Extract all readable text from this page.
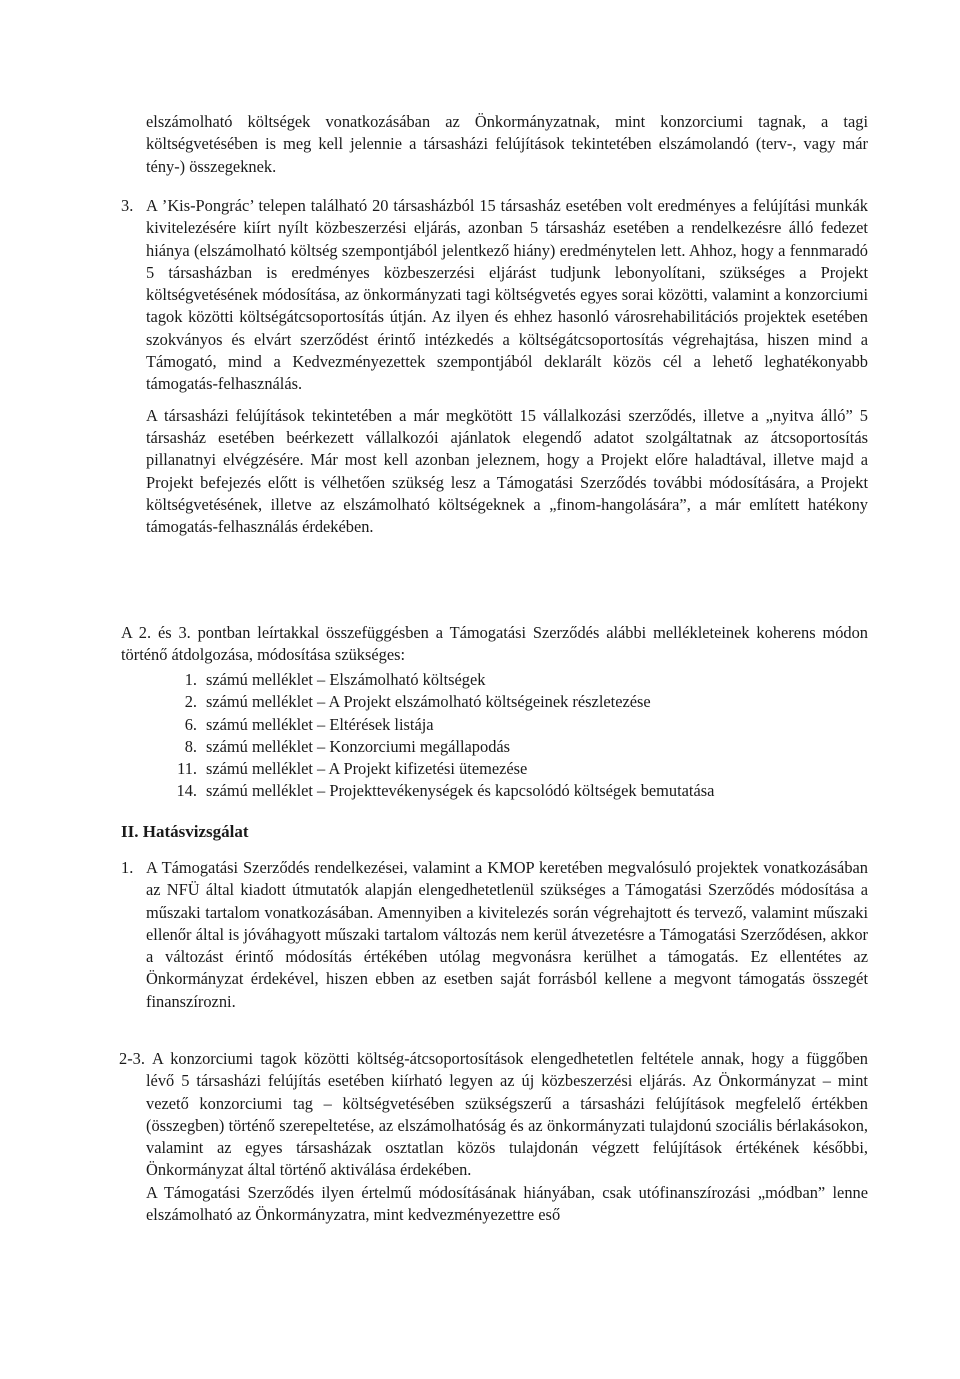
elszámolható költségek vonatkozásában az Önkormányzatnak, mint konzorciumi tagnak, a tagi költségvetésében is meg kell jelennie a társasházi felújítások tekintetében elszámolandó (terv-, vagy már tény-) összegeknek.

3. A ’Kis-Pongrác’ telepen található 20 társasházból 15 társasház esetében volt eredményes a felújítási munkák kivitelezésére kiírt nyílt közbeszerzési eljárás, azonban 5 társasház esetében a rendelkezésre álló fedezet hiánya (elszámolható költség szempontjából jelentkező hiány) eredménytelen lett. Ahhoz, hogy a fennmaradó 5 társasházban is eredményes közbeszerzési eljárást tudjunk lebonyolítani, szükséges a Projekt költségvetésének módosítása, az önkormányzati tagi költségvetés egyes sorai közötti, valamint a konzorciumi tagok közötti költségátcsoportosítás útján. Az ilyen és ehhez hasonló városrehabilitációs projektek esetében szokványos és elvárt szerződést érintő intézkedés a költségátcsoportosítás végrehajtása, hiszen mind a Támogató, mind a Kedvezményezettek szempontjából deklarált közös cél a lehető leghatékonyabb támogatás-felhasználás.

A társasházi felújítások tekintetében a már megkötött 15 vállalkozási szerződés, illetve a „nyitva álló” 5 társasház esetében beérkezett vállalkozói ajánlatok elegendő adatot szolgáltatnak az átcsoportosítás pillanatnyi elvégzésére. Már most kell azonban jeleznem, hogy a Projekt előre haladtával, illetve majd a Projekt befejezés előtt is vélhetően szükség lesz a Támogatási Szerződés további módosítására, a Projekt költségvetésének, illetve az elszámolható költségeknek a „finom-hangolására”, a már említett hatékony támogatás-felhasználás érdekében.

A 2. és 3. pontban leírtakkal összefüggésben a Támogatási Szerződés alábbi mellékleteinek koherens módon történő átdolgozása, módosítása szükséges:

1. számú melléklet – Elszámolható költségek
2. számú melléklet – A Projekt elszámolható költségeinek részletezése
6. számú melléklet – Eltérések listája
8. számú melléklet – Konzorciumi megállapodás
11. számú melléklet – A Projekt kifizetési ütemezése
14. számú melléklet – Projekttevékenységek és kapcsolódó költségek bemutatása
II. Hatásvizsgálat
1. A Támogatási Szerződés rendelkezései, valamint a KMOP keretében megvalósuló projektek vonatkozásában az NFÜ által kiadott útmutatók alapján elengedhetetlenül szükséges a Támogatási Szerződés módosítása a műszaki tartalom vonatkozásában. Amennyiben a kivitelezés során végrehajtott és tervező, valamint műszaki ellenőr által is jóváhagyott műszaki tartalom változás nem kerül átvezetésre a Támogatási Szerződésen, akkor a változást érintő módosítás értékében utólag megvonásra kerülhet a támogatás. Ez ellentétes az Önkormányzat érdekével, hiszen ebben az esetben saját forrásból kellene a megvont támogatás összegét finanszírozni.

2-3. A konzorciumi tagok közötti költség-átcsoportosítások elengedhetetlen feltétele annak, hogy a függőben lévő 5 társasházi felújítás esetében kiírható legyen az új közbeszerzési eljárás. Az Önkormányzat – mint vezető konzorciumi tag – költségvetésében szükségszerű a társasházi felújítások megfelelő értékben (összegben) történő szerepeltetése, az elszámolhatóság és az önkormányzati tulajdonú szociális bérlakásokon, valamint az egyes társasházak osztatlan közös tulajdonán végzett felújítások értékének későbbi, Önkormányzat által történő aktiválása érdekében.

A Támogatási Szerződés ilyen értelmű módosításának hiányában, csak utófinanszírozási „módban” lenne elszámolható az Önkormányzatra, mint kedvezményezettre eső
